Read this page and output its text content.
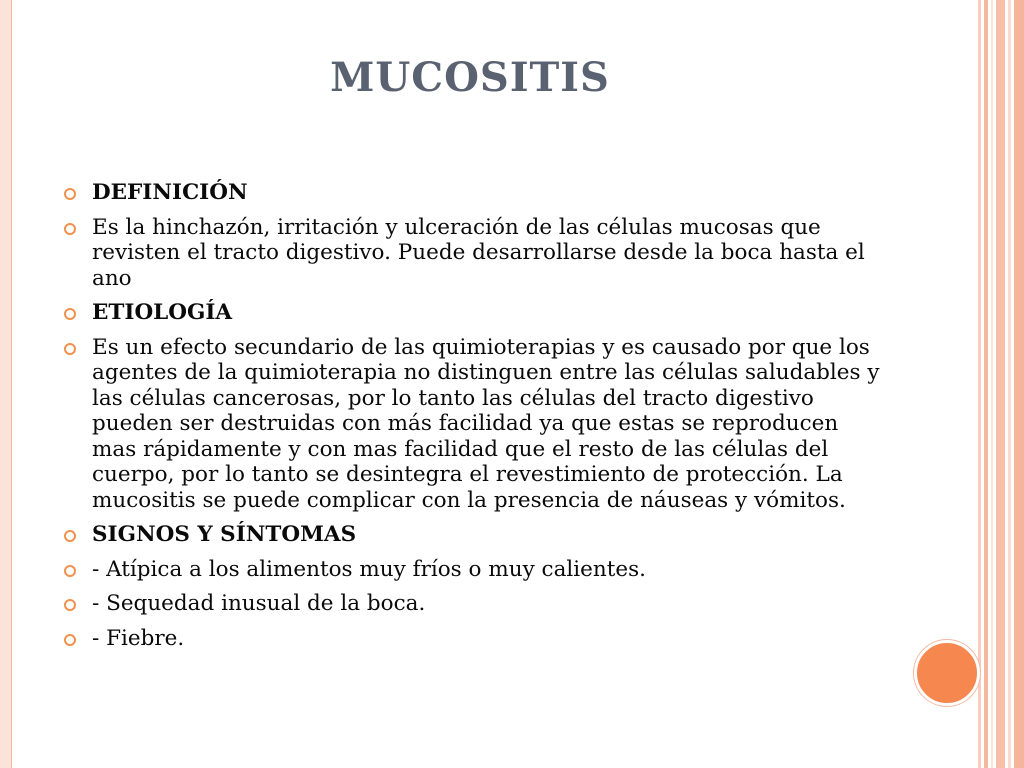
MUCOSITIS
DEFINICIÓN
Es la hinchazón, irritación y ulceración de las células mucosas que revisten el tracto digestivo. Puede desarrollarse desde la boca hasta el ano
ETIOLOGÍA
Es un efecto secundario de las quimioterapias y es causado por que los agentes de la quimioterapia no distinguen entre las células saludables y las células cancerosas, por lo tanto las células del tracto digestivo pueden ser destruidas con más facilidad ya que estas se reproducen mas rápidamente y con mas facilidad que el resto de las células del cuerpo, por lo tanto se desintegra el revestimiento de protección. La mucositis se puede complicar con la presencia de náuseas y vómitos.
SIGNOS Y SÍNTOMAS
- Atípica a los alimentos muy fríos o muy calientes.
- Sequedad inusual de la boca.
- Fiebre.
